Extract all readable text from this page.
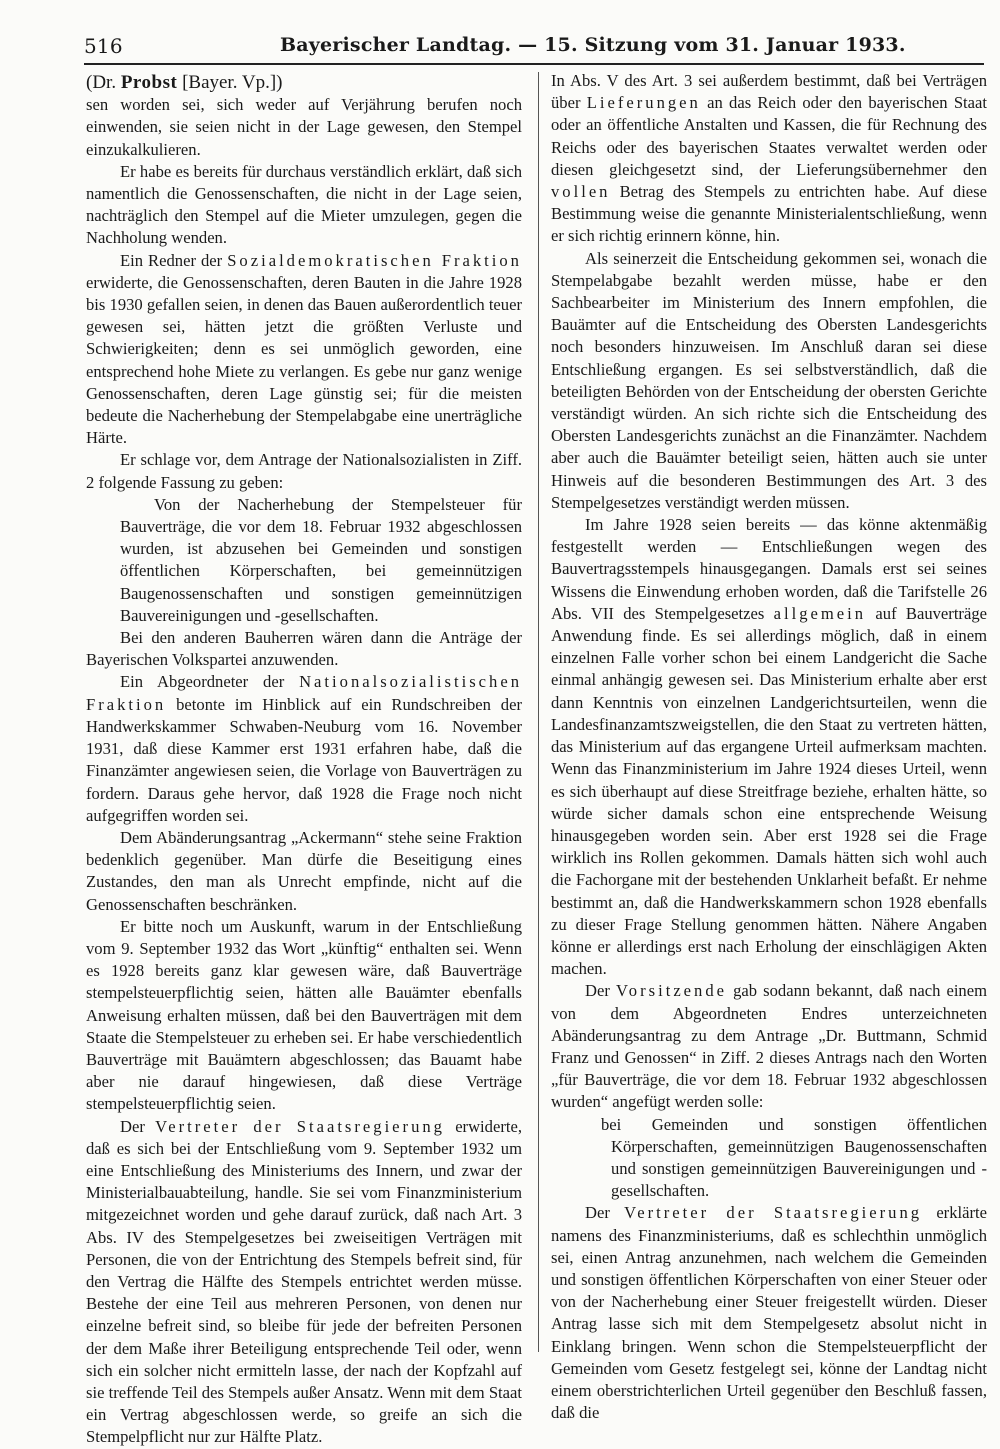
516	Bayerischer Landtag. — 15. Sitzung vom 31. Januar 1933.

(Dr. Probst [Bayer. Vp.])

sen worden sei, sich weder auf Verjährung berufen noch einwenden, sie seien nicht in der Lage gewesen, den Stempel einzukalkulieren.

Er habe es bereits für durchaus verständlich erklärt, daß sich namentlich die Genossenschaften, die nicht in der Lage seien, nachträglich den Stempel auf die Mieter umzulegen, gegen die Nachholung wenden.

Ein Redner der Sozialdemokratischen Fraktion erwiderte, die Genossenschaften, deren Bauten in die Jahre 1928 bis 1930 gefallen seien, in denen das Bauen außerordentlich teuer gewesen sei, hätten jetzt die größten Verluste und Schwierigkeiten; denn es sei unmöglich geworden, eine entsprechend hohe Miete zu verlangen. Es gebe nur ganz wenige Genossenschaften, deren Lage günstig sei; für die meisten bedeute die Nacherhebung der Stempelabgabe eine unerträgliche Härte.

Er schlage vor, dem Antrage der Nationalsozialisten in Ziff. 2 folgende Fassung zu geben:

Von der Nacherhebung der Stempelsteuer für Bauverträge, die vor dem 18. Februar 1932 abgeschlossen wurden, ist abzusehen bei Gemeinden und sonstigen öffentlichen Körperschaften, bei gemeinnützigen Baugenossenschaften und sonstigen gemeinnützigen Bauvereinigungen und -gesellschaften.

Bei den anderen Bauherren wären dann die Anträge der Bayerischen Volkspartei anzuwenden.

Ein Abgeordneter der Nationalsozialistischen Fraktion betonte im Hinblick auf ein Rundschreiben der Handwerkskammer Schwaben-Neuburg vom 16. November 1931, daß diese Kammer erst 1931 erfahren habe, daß die Finanzämter angewiesen seien, die Vorlage von Bauverträgen zu fordern. Daraus gehe hervor, daß 1928 die Frage noch nicht aufgegriffen worden sei.

Dem Abänderungsantrag „Ackermann“ stehe seine Fraktion bedenklich gegenüber. Man dürfe die Beseitigung eines Zustandes, den man als Unrecht empfinde, nicht auf die Genossenschaften beschränken.

Er bitte noch um Auskunft, warum in der Entschließung vom 9. September 1932 das Wort „künftig“ enthalten sei. Wenn es 1928 bereits ganz klar gewesen wäre, daß Bauverträge stempelsteuerpflichtig seien, hätten alle Bauämter ebenfalls Anweisung erhalten müssen, daß bei den Bauverträgen mit dem Staate die Stempelsteuer zu erheben sei. Er habe verschiedentlich Bauverträge mit Bauämtern abgeschlossen; das Bauamt habe aber nie darauf hingewiesen, daß diese Verträge stempelsteuerpflichtig seien.

Der Vertreter der Staatsregierung erwiderte, daß es sich bei der Entschließung vom 9. September 1932 um eine Entschließung des Ministeriums des Innern, und zwar der Ministerialbauabteilung, handle. Sie sei vom Finanzministerium mitgezeichnet worden und gehe darauf zurück, daß nach Art. 3 Abs. IV des Stempelgesetzes bei zweiseitigen Verträgen mit Personen, die von der Entrichtung des Stempels befreit sind, für den Vertrag die Hälfte des Stempels entrichtet werden müsse. Bestehe der eine Teil aus mehreren Personen, von denen nur einzelne befreit sind, so bleibe für jede der befreiten Personen der dem Maße ihrer Beteiligung entsprechende Teil oder, wenn sich ein solcher nicht ermitteln lasse, der nach der Kopfzahl auf sie treffende Teil des Stempels außer Ansatz. Wenn mit dem Staat ein Vertrag abgeschlossen werde, so greife an sich die Stempelpflicht nur zur Hälfte Platz.

In Abs. V des Art. 3 sei außerdem bestimmt, daß bei Verträgen über Lieferungen an das Reich oder den bayerischen Staat oder an öffentliche Anstalten und Kassen, die für Rechnung des Reichs oder des bayerischen Staates verwaltet werden oder diesen gleichgesetzt sind, der Lieferungsübernehmer den vollen Betrag des Stempels zu entrichten habe. Auf diese Bestimmung weise die genannte Ministerialentschließung, wenn er sich richtig erinnern könne, hin.

Als seinerzeit die Entscheidung gekommen sei, wonach die Stempelabgabe bezahlt werden müsse, habe er den Sachbearbeiter im Ministerium des Innern empfohlen, die Bauämter auf die Entscheidung des Obersten Landesgerichts noch besonders hinzuweisen. Im Anschluß daran sei diese Entschließung ergangen. Es sei selbstverständlich, daß die beteiligten Behörden von der Entscheidung der obersten Gerichte verständigt würden. An sich richte sich die Entscheidung des Obersten Landesgerichts zunächst an die Finanzämter. Nachdem aber auch die Bauämter beteiligt seien, hätten auch sie unter Hinweis auf die besonderen Bestimmungen des Art. 3 des Stempelgesetzes verständigt werden müssen.

Im Jahre 1928 seien bereits — das könne aktenmäßig festgestellt werden — Entschließungen wegen des Bauvertragsstempels hinausgegangen. Damals erst sei seines Wissens die Einwendung erhoben worden, daß die Tarifstelle 26 Abs. VII des Stempelgesetzes allgemein auf Bauverträge Anwendung finde. Es sei allerdings möglich, daß in einem einzelnen Falle vorher schon bei einem Landgericht die Sache einmal anhängig gewesen sei. Das Ministerium erhalte aber erst dann Kenntnis von einzelnen Landgerichtsurteilen, wenn die Landesfinanzamtszweigstellen, die den Staat zu vertreten hätten, das Ministerium auf das ergangene Urteil aufmerksam machten. Wenn das Finanzministerium im Jahre 1924 dieses Urteil, wenn es sich überhaupt auf diese Streitfrage beziehe, erhalten hätte, so würde sicher damals schon eine entsprechende Weisung hinausgegeben worden sein. Aber erst 1928 sei die Frage wirklich ins Rollen gekommen. Damals hätten sich wohl auch die Fachorgane mit der bestehenden Unklarheit befaßt. Er nehme bestimmt an, daß die Handwerkskammern schon 1928 ebenfalls zu dieser Frage Stellung genommen hätten. Nähere Angaben könne er allerdings erst nach Erholung der einschlägigen Akten machen.

Der Vorsitzende gab sodann bekannt, daß nach einem von dem Abgeordneten Endres unterzeichneten Abänderungsantrag zu dem Antrage „Dr. Buttmann, Schmid Franz und Genossen“ in Ziff. 2 dieses Antrags nach den Worten „für Bauverträge, die vor dem 18. Februar 1932 abgeschlossen wurden“ angefügt werden solle:

bei Gemeinden und sonstigen öffentlichen Körperschaften, gemeinnützigen Baugenossenschaften und sonstigen gemeinnützigen Bauvereinigungen und -gesellschaften.

Der Vertreter der Staatsregierung erklärte namens des Finanzministeriums, daß es schlechthin unmöglich sei, einen Antrag anzunehmen, nach welchem die Gemeinden und sonstigen öffentlichen Körperschaften von einer Steuer oder von der Nacherhebung einer Steuer freigestellt würden. Dieser Antrag lasse sich mit dem Stempelgesetz absolut nicht in Einklang bringen. Wenn schon die Stempelsteuerpflicht der Gemeinden vom Gesetz festgelegt sei, könne der Landtag nicht einem oberstrichterlichen Urteil gegenüber den Beschluß fassen, daß die
